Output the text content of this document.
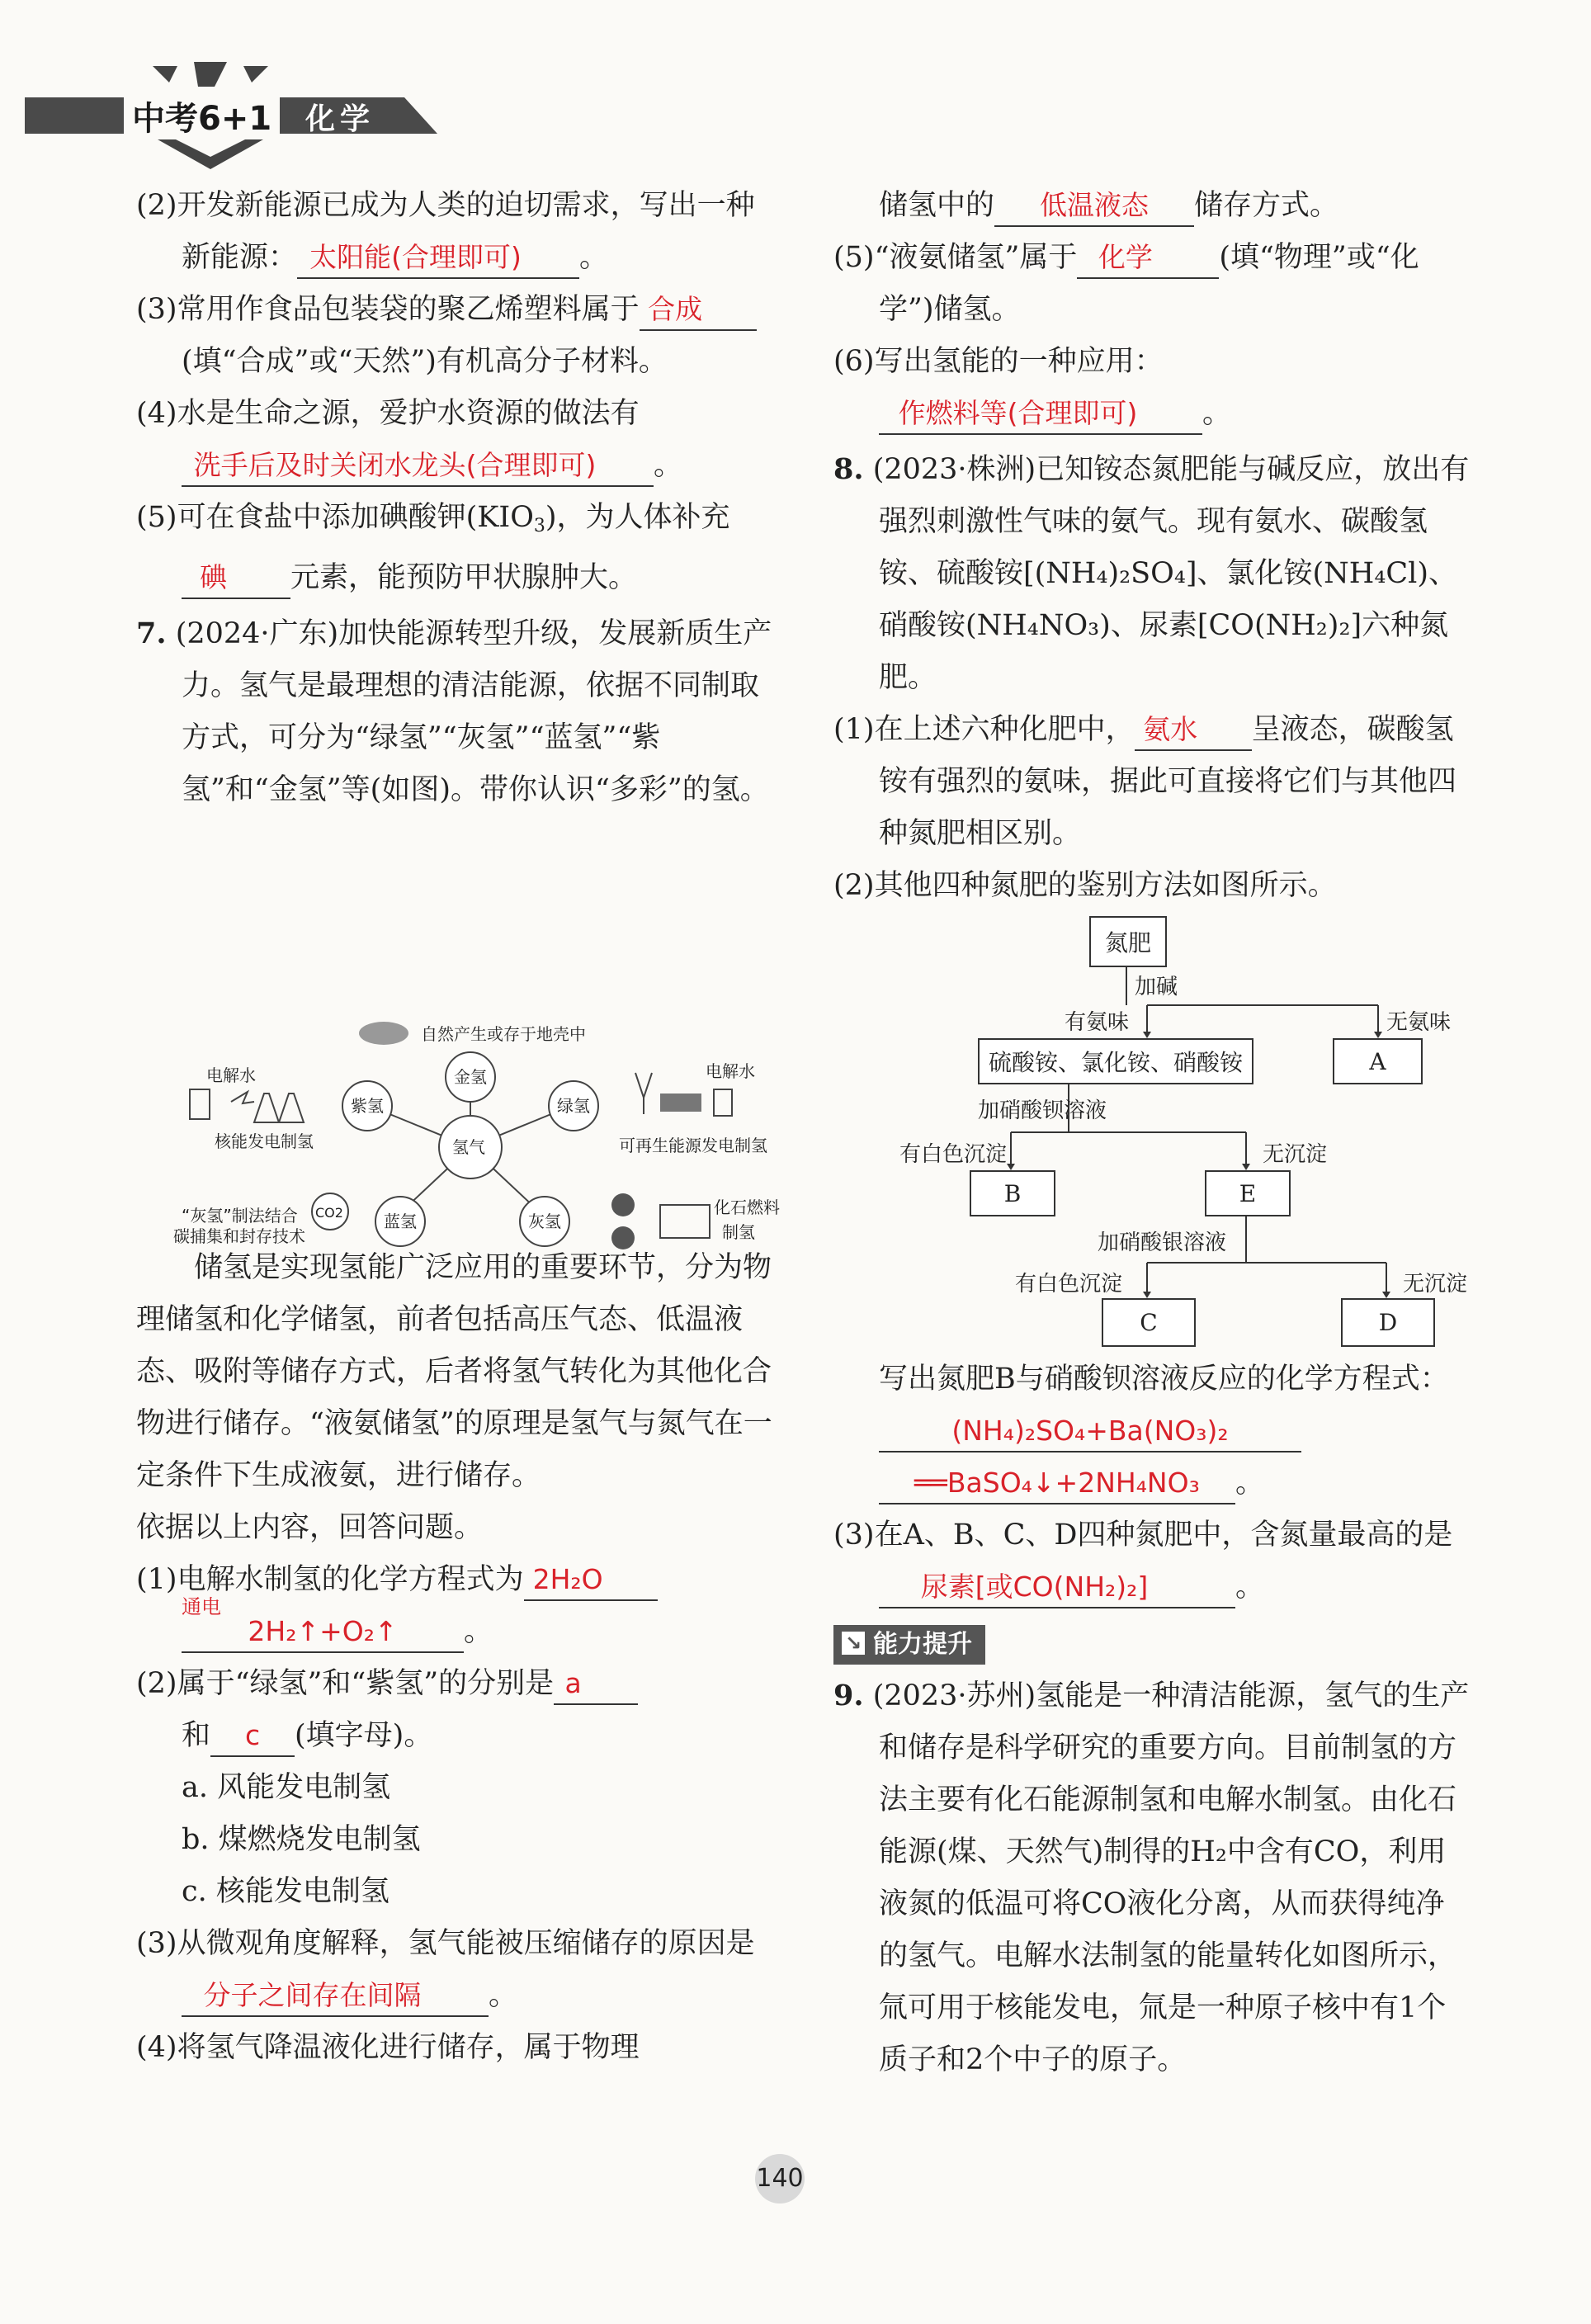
中考6+1 化学

(2)开发新能源已成为人类的迫切需求，写出一种新能源： 太阳能(合理即可) 。

(3)常用作食品包装袋的聚乙烯塑料属于 合成(填“合成”或“天然”)有机高分子材料。

(4)水是生命之源，爱护水资源的做法有 洗手后及时关闭水龙头(合理即可) 。

(5)可在食盐中添加碘酸钾$(KIO_3)$，为人体补充碘 元素，能预防甲状腺肿大。

7. (2024·广东)加快能源转型升级，发展新质生产力。氢气是最理想的清洁能源，依据不同制取方式，可分为“绿氢”“灰氢”“蓝氢”“紫氢”和“金氢”等(如图)。带你认识“多彩”的氢。

自然产生或存于地壳中
氢气
金氢
紫氢	绿氢
蓝氢	灰氢
电解水
核能发电制氢
“灰氢”制法结合
碳捕集和封存技术
CO2
电解水
可再生能源发电制氢
化石燃料
制氢

储氢是实现氢能广泛应用的重要环节，分为物理储氢和化学储氢，前者包括高压气态、低温液态、吸附等储存方式，后者将氢气转化为其他化合物进行储存。“液氨储氢”的原理是氢气与氮气在一定条件下生成液氨，进行储存。

依据以上内容，回答问题。

(1)电解水制氢的化学方程式为 2H₂O

通电
2H₂↑+O₂↑ 。

(2)属于“绿氢”和“紫氢”的分别是 a

和 c (填字母)。

a. 风能发电制氢

b. 煤燃烧发电制氢

c. 核能发电制氢

(3)从微观角度解释，氢气能被压缩储存的原因是分子之间存在间隔 。

(4)将氢气降温液化进行储存，属于物理

储氢中的 低温液态 储存方式。

(5)“液氨储氢”属于 化学 (填“物理”或“化学”)储氢。

(6)写出氢能的一种应用：作燃料等(合理即可) 。

8. (2023·株洲)已知铵态氮肥能与碱反应，放出有强烈刺激性气味的氨气。现有氨水、碳酸氢铵、硫酸铵[(NH₄)₂SO₄]、氯化铵(NH₄Cl)、硝酸铵(NH₄NO₃)、尿素[CO(NH₂)₂]六种氮肥。

(1)在上述六种化肥中， 氨水 呈液态，碳酸氢铵有强烈的氨味，据此可直接将它们与其他四种氮肥相区别。

(2)其他四种氮肥的鉴别方法如图所示。

氮肥
加碱
有氨味	无氨味
硫酸铵、氯化铵、硝酸铵	A
加硝酸钡溶液
有白色沉淀	无沉淀
B	E
加硝酸银溶液
有白色沉淀	无沉淀
C	D

写出氮肥B与硝酸钡溶液反应的化学方程式：(NH₄)₂SO₄+Ba(NO₃)₂

══BaSO₄↓+2NH₄NO₃ 。

(3)在A、B、C、D四种氮肥中，含氮量最高的是尿素[或CO(NH₂)₂]	。

↘ 能力提升

9. (2023·苏州)氢能是一种清洁能源，氢气的生产和储存是科学研究的重要方向。目前制氢的方法主要有化石能源制氢和电解水制氢。由化石能源(煤、天然气)制得的H₂中含有CO，利用液氮的低温可将CO液化分离，从而获得纯净的氢气。电解水法制氢的能量转化如图所示，氚可用于核能发电，氚是一种原子核中有1个质子和2个中子的原子。

140
